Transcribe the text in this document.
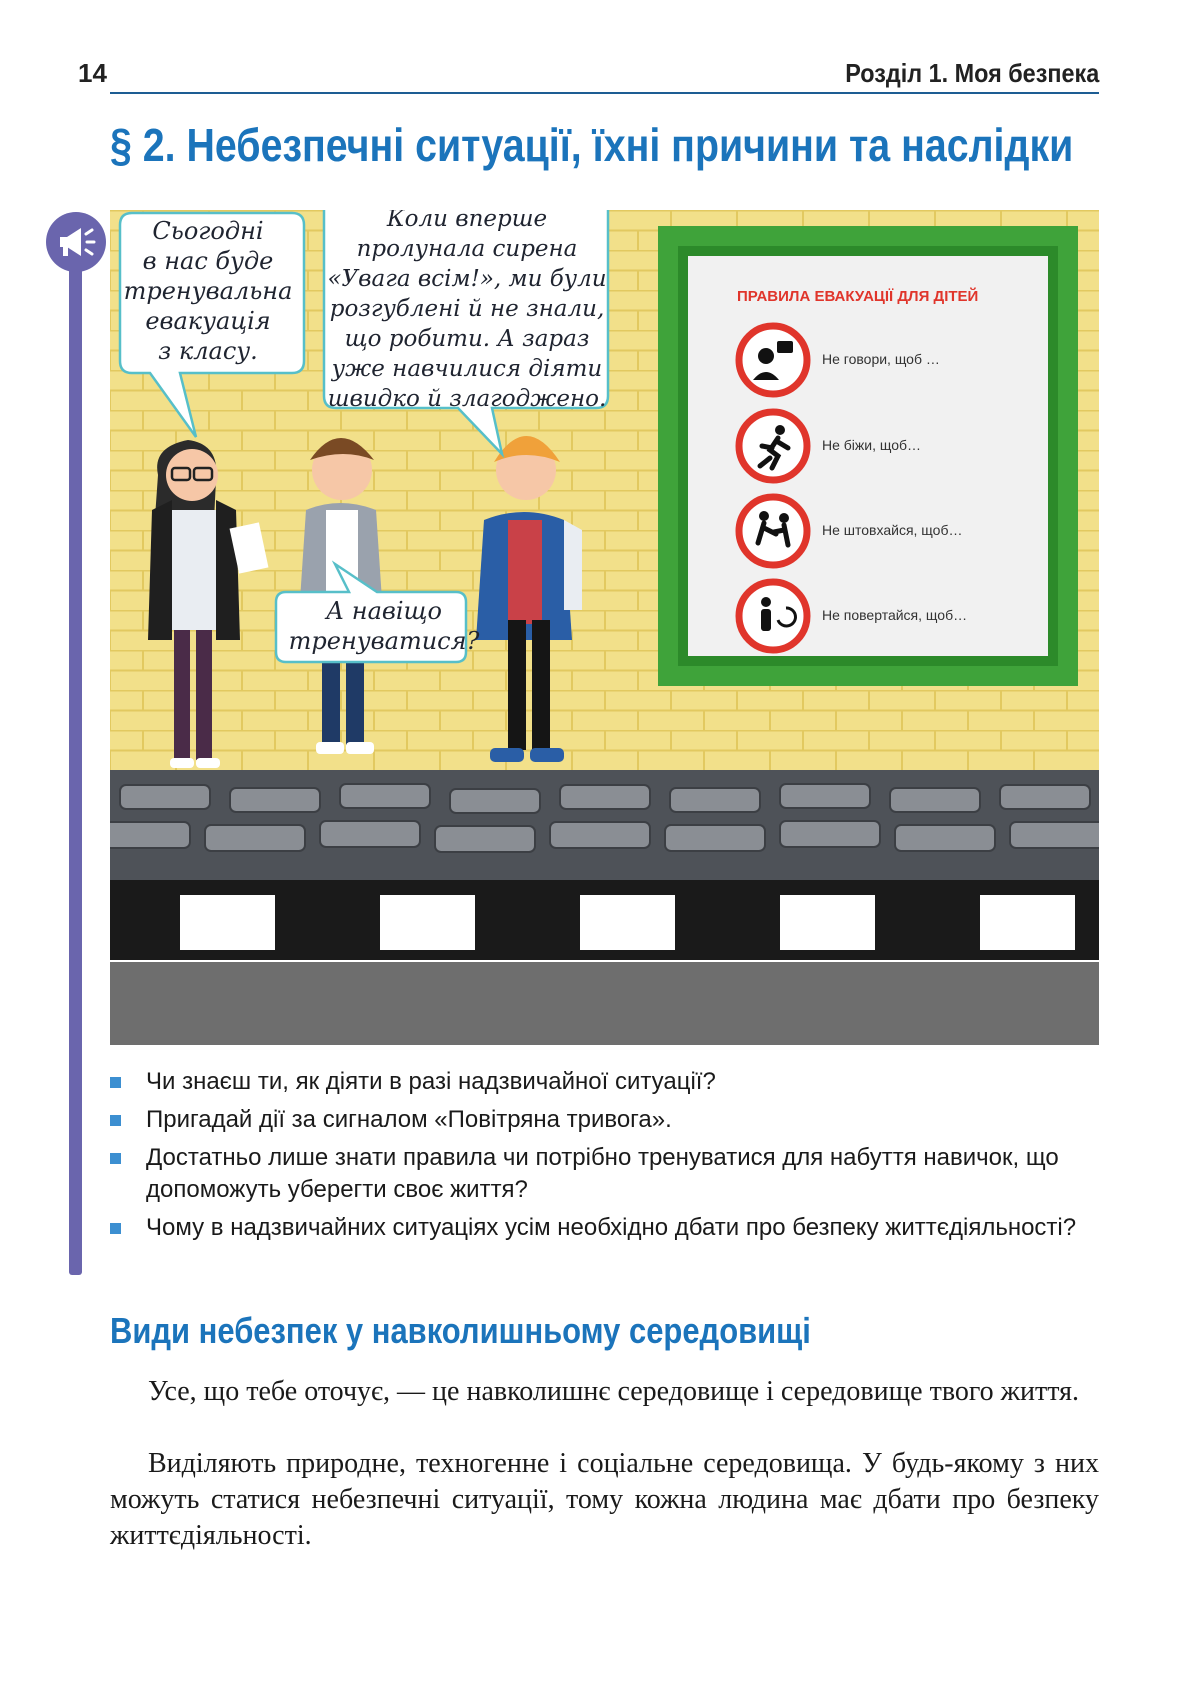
14	Розділ 1. Моя безпека
§ 2. Небезпечні ситуації, їхні причини та наслідки
Сьогодні
в нас буде
тренувальна
евакуація
з класу.
Коли вперше
пролунала сирена
«Увага всім!», ми були
розгублені й не знали,
що робити. А зараз
уже навчилися діяти
швидко й злагоджено.
А навіщо
тренуватися?
ПРАВИЛА ЕВАКУАЦІЇ ДЛЯ ДІТЕЙ
Не говори, щоб …
Не біжи, щоб…
Не штовхайся, щоб…
Не повертайся, щоб…
Чи знаєш ти, як діяти в разі надзвичайної ситуації?
Пригадай дії за сигналом «Повітряна тривога».
Достатньо лише знати правила чи потрібно тренуватися для набуття навичок, що допоможуть уберегти своє життя?
Чому в надзвичайних ситуаціях усім необхідно дбати про безпеку життєдіяльності?
Види небезпек у навколишньому середовищі

Усе, що тебе оточує, — це навколишнє середовище і середовище твого життя.

Виділяють природне, техногенне і соціальне середовища. У будь-якому з них можуть статися небезпечні ситуації, тому кожна людина має дбати про безпеку життєдіяльності.
